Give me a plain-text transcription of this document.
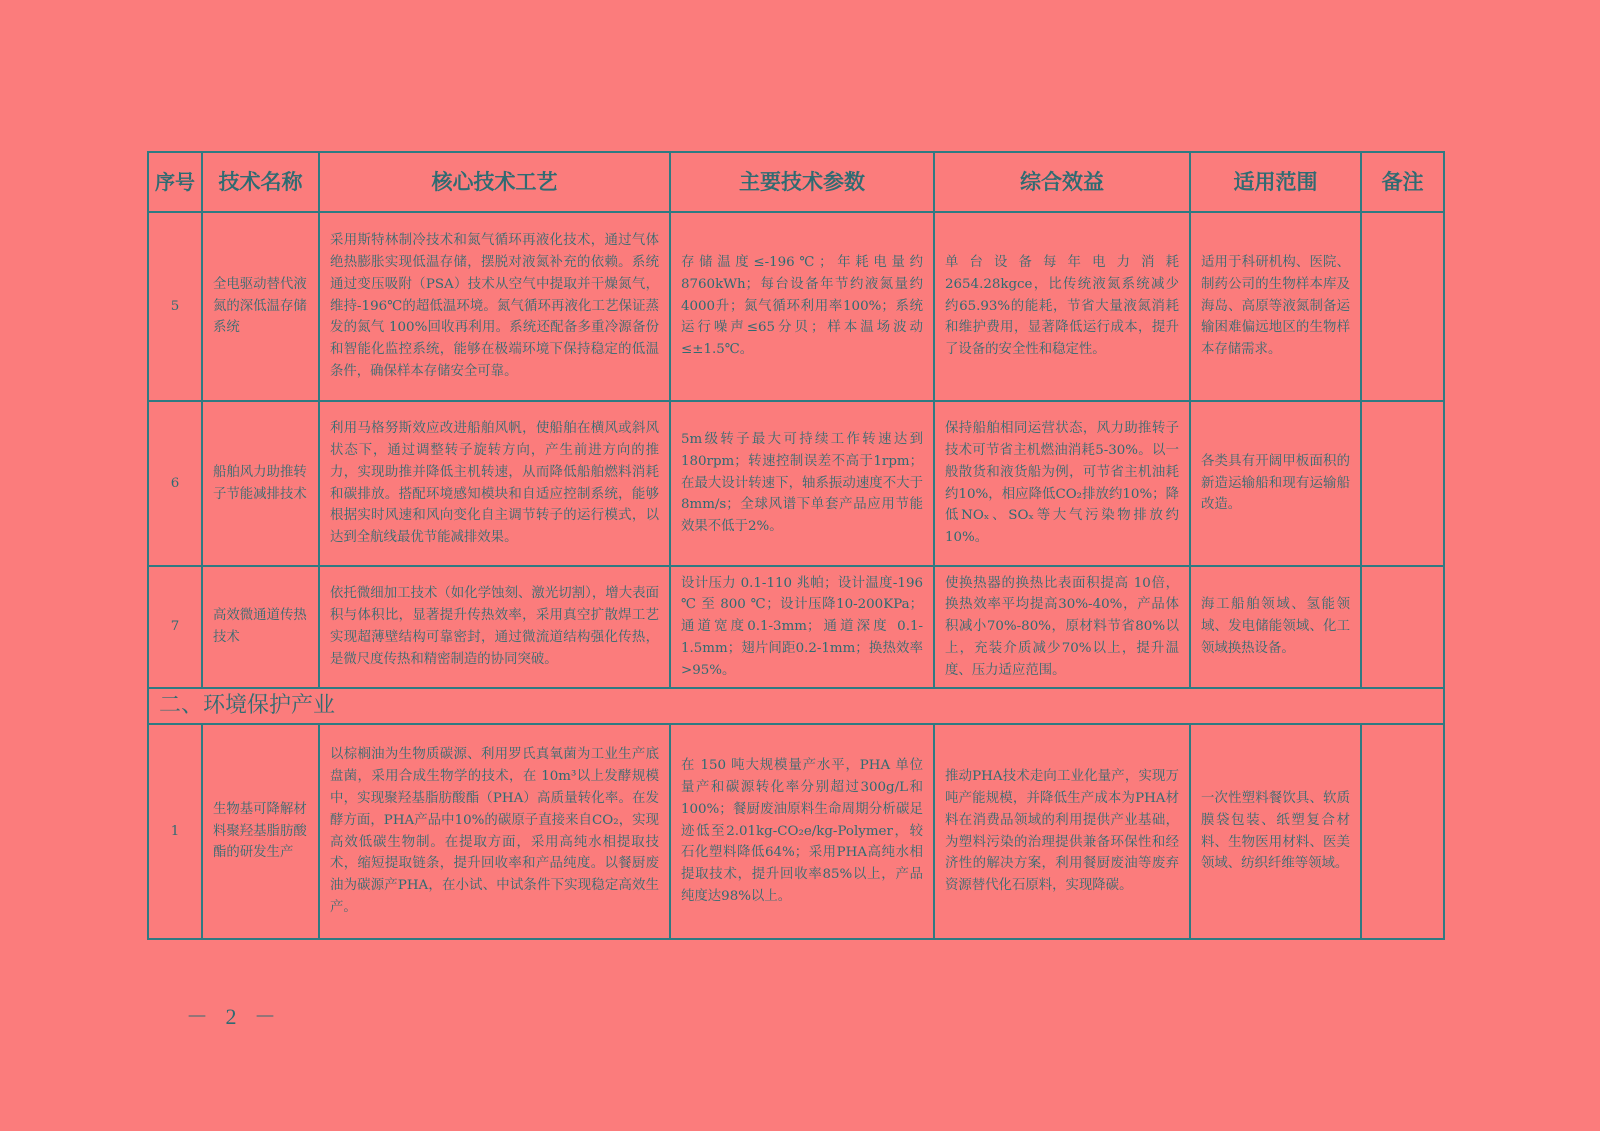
序号	技术名称	核心技术工艺	主要技术参数	综合效益	适用范围	备注
5	全电驱动替代液氮的深低温存储系统	采用斯特林制冷技术和氮气循环再液化技术，通过气体绝热膨胀实现低温存储，摆脱对液氮补充的依赖。系统通过变压吸附（PSA）技术从空气中提取并干燥氮气，维持-196℃的超低温环境。氮气循环再液化工艺保证蒸发的氮气 100%回收再利用。系统还配备多重冷源备份和智能化监控系统，能够在极端环境下保持稳定的低温条件，确保样本存储安全可靠。	存储温度≤-196℃；年耗电量约8760kWh；每台设备年节约液氮量约4000升；氮气循环利用率100%；系统运行噪声≤65分贝；样本温场波动≤±1.5℃。	单台设备每年电力消耗2654.28kgce，比传统液氮系统减少约65.93%的能耗，节省大量液氮消耗和维护费用，显著降低运行成本，提升了设备的安全性和稳定性。	适用于科研机构、医院、制药公司的生物样本库及海岛、高原等液氮制备运输困难偏远地区的生物样本存储需求。	
6	船舶风力助推转子节能减排技术	利用马格努斯效应改进船舶风帆，使船舶在横风或斜风状态下，通过调整转子旋转方向，产生前进方向的推力，实现助推并降低主机转速，从而降低船舶燃料消耗和碳排放。搭配环境感知模块和自适应控制系统，能够根据实时风速和风向变化自主调节转子的运行模式，以达到全航线最优节能减排效果。	5m级转子最大可持续工作转速达到180rpm；转速控制误差不高于1rpm；在最大设计转速下，轴系振动速度不大于 8mm/s；全球风谱下单套产品应用节能效果不低于2%。	保持船舶相同运营状态，风力助推转子技术可节省主机燃油消耗5-30%。以一般散货和液货船为例，可节省主机油耗约10%，相应降低CO₂排放约10%；降低NOₓ、SOₓ等大气污染物排放约10%。	各类具有开阔甲板面积的新造运输船和现有运输船改造。	
7	高效微通道传热技术	依托微细加工技术（如化学蚀刻、激光切割），增大表面积与体积比，显著提升传热效率，采用真空扩散焊工艺实现超薄壁结构可靠密封，通过微流道结构强化传热，是微尺度传热和精密制造的协同突破。	设计压力 0.1-110 兆帕；设计温度-196 ℃ 至 800 ℃；设计压降10-200KPa；通道宽度0.1-3mm；通道深度 0.1-1.5mm；翅片间距0.2-1mm；换热效率>95%。	使换热器的换热比表面积提高 10倍，换热效率平均提高30%-40%，产品体积减小70%-80%，原材料节省80%以上，充装介质减少70%以上，提升温度、压力适应范围。	海工船舶领域、氢能领域、发电储能领域、化工领域换热设备。	
二、环境保护产业						
1	生物基可降解材料聚羟基脂肪酸酯的研发生产	以棕榈油为生物质碳源、利用罗氏真氧菌为工业生产底盘菌，采用合成生物学的技术，在 10m³以上发酵规模中，实现聚羟基脂肪酸酯（PHA）高质量转化率。在发酵方面，PHA产品中10%的碳原子直接来自CO₂，实现高效低碳生物制。在提取方面，采用高纯水相提取技术，缩短提取链条，提升回收率和产品纯度。以餐厨废油为碳源产PHA，在小试、中试条件下实现稳定高效生产。	在 150 吨大规模量产水平，PHA 单位量产和碳源转化率分别超过300g/L和100%；餐厨废油原料生命周期分析碳足迹低至2.01kg-CO₂e/kg-Polymer，较石化塑料降低64%；采用PHA高纯水相提取技术，提升回收率85%以上，产品纯度达98%以上。	推动PHA技术走向工业化量产，实现万吨产能规模，并降低生产成本为PHA材料在消费品领域的利用提供产业基础，为塑料污染的治理提供兼备环保性和经济性的解决方案，利用餐厨废油等废弃资源替代化石原料，实现降碳。	一次性塑料餐饮具、软质膜袋包装、纸塑复合材料、生物医用材料、医美领域、纺织纤维等领域。	
－ 2 －
